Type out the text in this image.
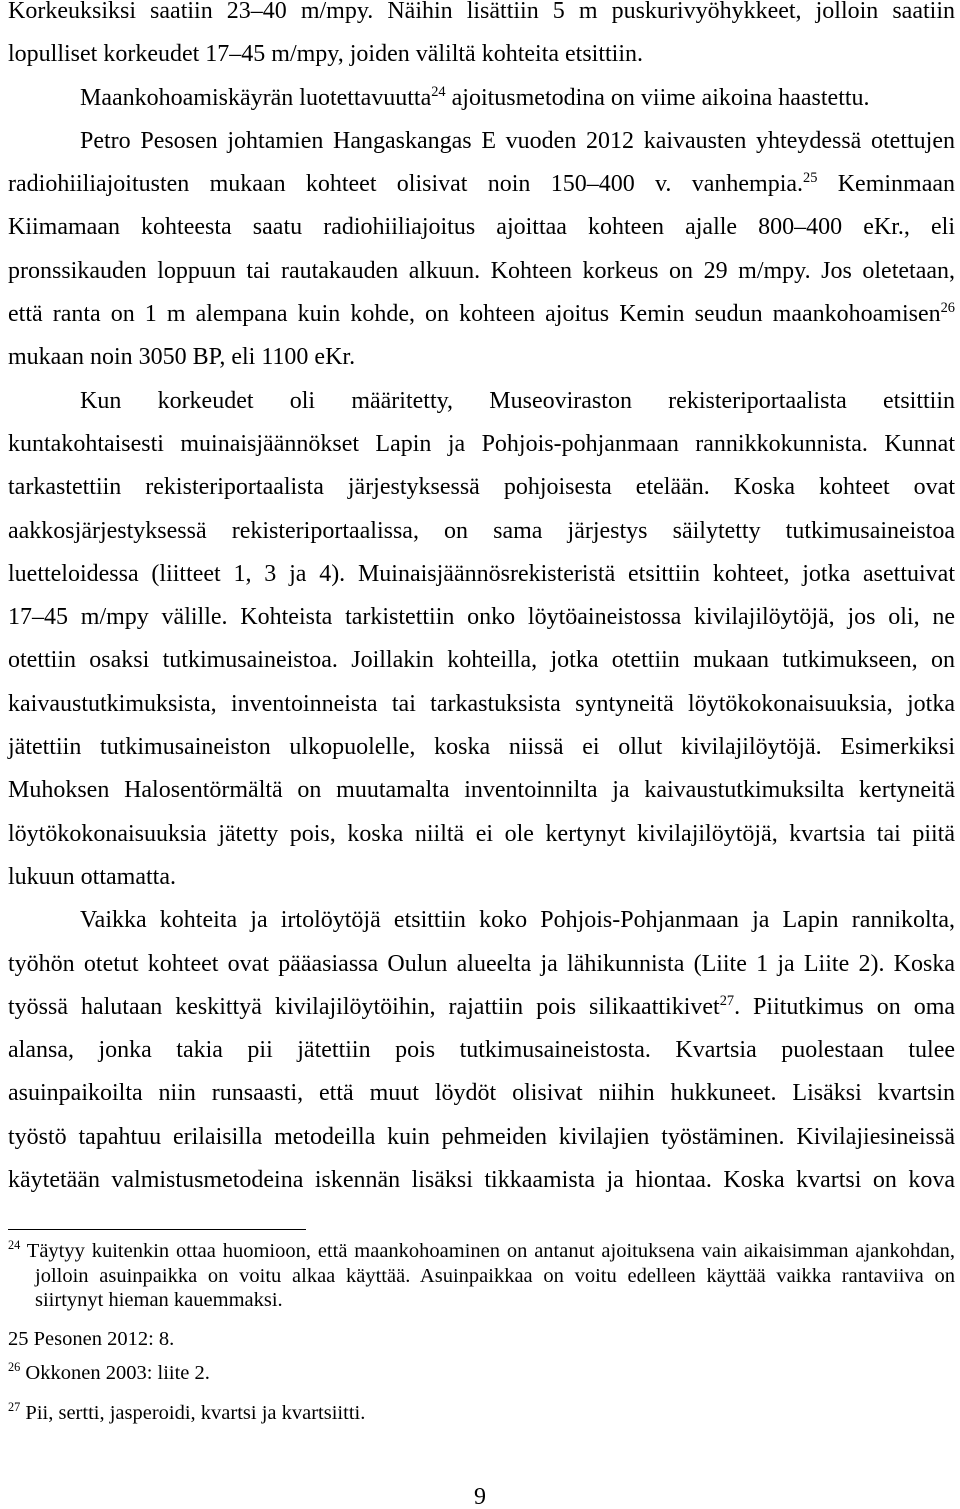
Korkeuksiksi saatiin 23–40 m/mpy. Näihin lisättiin 5 m puskurivyöhykkeet, jolloin saatiin
lopulliset korkeudet 17–45 m/mpy, joiden väliltä kohteita etsittiin.
Maankohoamiskäyrän luotettavuutta$^{24}$ ajoitusmetodina on viime aikoina haastettu.
Petro Pesosen johtamien Hangaskangas E vuoden 2012 kaivausten yhteydessä otettujen
radiohiiliajoitusten mukaan kohteet olisivat noin 150–400 v. vanhempia.$^{25}$ Keminmaan
Kiimamaan kohteesta saatu radiohiiliajoitus ajoittaa kohteen ajalle 800–400 eKr., eli
pronssikauden loppuun tai rautakauden alkuun. Kohteen korkeus on 29 m/mpy. Jos oletetaan,
että ranta on 1 m alempana kuin kohde, on kohteen ajoitus Kemin seudun maankohoamisen$^{26}$
mukaan noin 3050 BP, eli 1100 eKr.
Kun korkeudet oli määritetty, Museoviraston rekisteriportaalista etsittiin
kuntakohtaisesti muinaisjäännökset Lapin ja Pohjois-pohjanmaan rannikkokunnista. Kunnat
tarkastettiin rekisteriportaalista järjestyksessä pohjoisesta etelään. Koska kohteet ovat
aakkosjärjestyksessä rekisteriportaalissa, on sama järjestys säilytetty tutkimusaineistoa
luetteloidessa (liitteet 1, 3 ja 4). Muinaisjäännösrekisteristä etsittiin kohteet, jotka asettuivat
17–45 m/mpy välille. Kohteista tarkistettiin onko löytöaineistossa kivilajilöytöjä, jos oli, ne
otettiin osaksi tutkimusaineistoa. Joillakin kohteilla, jotka otettiin mukaan tutkimukseen, on
kaivaustutkimuksista, inventoinneista tai tarkastuksista syntyneitä löytökokonaisuuksia, jotka
jätettiin tutkimusaineiston ulkopuolelle, koska niissä ei ollut kivilajilöytöjä. Esimerkiksi
Muhoksen Halosentörmältä on muutamalta inventoinnilta ja kaivaustutkimuksilta kertyneitä
löytökokonaisuuksia jätetty pois, koska niiltä ei ole kertynyt kivilajilöytöjä, kvartsia tai piitä
lukuun ottamatta.
Vaikka kohteita ja irtolöytöjä etsittiin koko Pohjois-Pohjanmaan ja Lapin rannikolta,
työhön otetut kohteet ovat pääasiassa Oulun alueelta ja lähikunnista (Liite 1 ja Liite 2). Koska
työssä halutaan keskittyä kivilajilöytöihin, rajattiin pois silikaattikivet$^{27}$. Piitutkimus on oma
alansa, jonka takia pii jätettiin pois tutkimusaineistosta. Kvartsia puolestaan tulee
asuinpaikoilta niin runsaasti, että muut löydöt olisivat niihin hukkuneet. Lisäksi kvartsin
työstö tapahtuu erilaisilla metodeilla kuin pehmeiden kivilajien työstäminen. Kivilajiesineissä
käytetään valmistusmetodeina iskennän lisäksi tikkaamista ja hiontaa. Koska kvartsi on kova
$^{24}$ Täytyy kuitenkin ottaa huomioon, että maankohoaminen on antanut ajoituksena vain aikaisimman ajankohdan,
jolloin asuinpaikka on voitu alkaa käyttää. Asuinpaikkaa on voitu edelleen käyttää vaikka rantaviiva on
siirtynyt hieman kauemmaksi.
25 Pesonen 2012: 8.
$^{26}$ Okkonen 2003: liite 2.
$^{27}$ Pii, sertti, jasperoidi, kvartsi ja kvartsiitti.
9
